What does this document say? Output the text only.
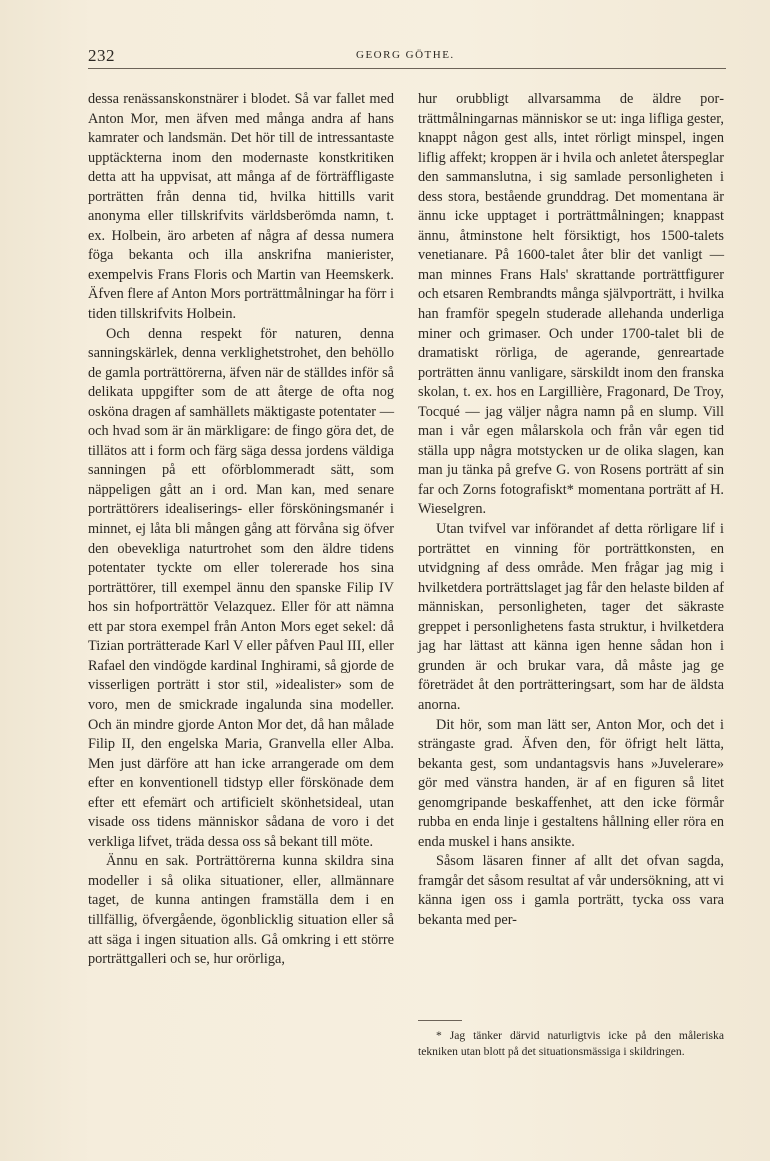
232	GEORG GÖTHE.

dessa renässanskonstnärer i blodet. Så var fallet med Anton Mor, men äfven med många andra af hans kamrater och landsmän. Det hör till de intressantaste upptäckterna inom den modernaste konstkritiken detta att ha uppvisat, att många af de förträffligaste porträtten från denna tid, hvilka hittills varit anonyma eller tillskrifvits världsberömda namn, t. ex. Holbein, äro arbeten af några af dessa numera föga bekanta och illa anskrifna manierister, exempelvis Frans Floris och Martin van Heemskerk. Äfven flere af Anton Mors porträttmålningar ha förr i tiden tillskrifvits Holbein.

Och denna respekt för naturen, denna sanningskärlek, denna verklighetstrohet, den behöllo de gamla porträttörerna, äfven när de ställdes inför så delikata uppgifter som de att återge de ofta nog osköna dragen af samhällets mäktigaste potentater — och hvad som är än märkligare: de fingo göra det, de tillätos att i form och färg säga dessa jordens väldiga sanningen på ett oförblommeradt sätt, som näppeligen gått an i ord. Man kan, med senare porträttörers idealiserings- eller försköningsmanér i minnet, ej låta bli mången gång att förvåna sig öfver den obevekliga naturtrohet som den äldre tidens potentater tyckte om eller tolererade hos sina porträttörer, till exempel ännu den spanske Filip IV hos sin hofporträttör Velazquez. Eller för att nämna ett par stora exempel från Anton Mors eget sekel: då Tizian porträtterade Karl V eller påfven Paul III, eller Rafael den vindögde kardinal Inghirami, så gjorde de visserligen porträtt i stor stil, »idealister» som de voro, men de smickrade ingalunda sina modeller. Och än mindre gjorde Anton Mor det, då han målade Filip II, den engelska Maria, Granvella eller Alba. Men just därföre att han icke arrangerade om dem efter en konventionell tidstyp eller förskönade dem efter ett efemärt och artificielt skönhetsideal, utan visade oss tidens människor sådana de voro i det verkliga lifvet, träda dessa oss så bekant till möte.

Ännu en sak. Porträttörerna kunna skildra sina modeller i så olika situationer, eller, allmännare taget, de kunna antingen framställa dem i en tillfällig, öfvergående, ögonblicklig situation eller så att säga i ingen situation alls. Gå omkring i ett större porträttgalleri och se, hur orörliga,

hur orubbligt allvarsamma de äldre porträttmålningarnas människor se ut: inga lifliga gester, knappt någon gest alls, intet rörligt minspel, ingen liflig affekt; kroppen är i hvila och anletet återspeglar den sammanslutna, i sig samlade personligheten i dess stora, bestående grunddrag. Det momentana är ännu icke upptaget i porträttmålningen; knappast ännu, åtminstone helt försiktigt, hos 1500-talets venetianare. På 1600-talet åter blir det vanligt — man minnes Frans Hals' skrattande porträttfigurer och etsaren Rembrandts många självporträtt, i hvilka han framför spegeln studerade allehanda underliga miner och grimaser. Och under 1700-talet bli de dramatiskt rörliga, de agerande, genreartade porträtten ännu vanligare, särskildt inom den franska skolan, t. ex. hos en Largillière, Fragonard, De Troy, Tocqué — jag väljer några namn på en slump. Vill man i vår egen målarskola och från vår egen tid ställa upp några motstycken ur de olika slagen, kan man ju tänka på grefve G. von Rosens porträtt af sin far och Zorns fotografiskt* momentana porträtt af H. Wieselgren.

Utan tvifvel var införandet af detta rörligare lif i porträttet en vinning för porträttkonsten, en utvidgning af dess område. Men frågar jag mig i hvilketdera porträttslaget jag får den helaste bilden af människan, personligheten, tager det säkraste greppet i personlighetens fasta struktur, i hvilketdera jag har lättast att känna igen henne sådan hon i grunden är och brukar vara, då måste jag ge företrädet åt den porträtteringsart, som har de äldsta anorna.

Dit hör, som man lätt ser, Anton Mor, och det i strängaste grad. Äfven den, för öfrigt helt lätta, bekanta gest, som undantagsvis hans »Juvelerare» gör med vänstra handen, är af en figuren så litet genomgripande beskaffenhet, att den icke förmår rubba en enda linje i gestaltens hållning eller röra en enda muskel i hans ansikte.

Såsom läsaren finner af allt det ofvan sagda, framgår det såsom resultat af vår undersökning, att vi känna igen oss i gamla porträtt, tycka oss vara bekanta med per-

* Jag tänker därvid naturligtvis icke på den måleriska tekniken utan blott på det situationsmässiga i skildringen.
